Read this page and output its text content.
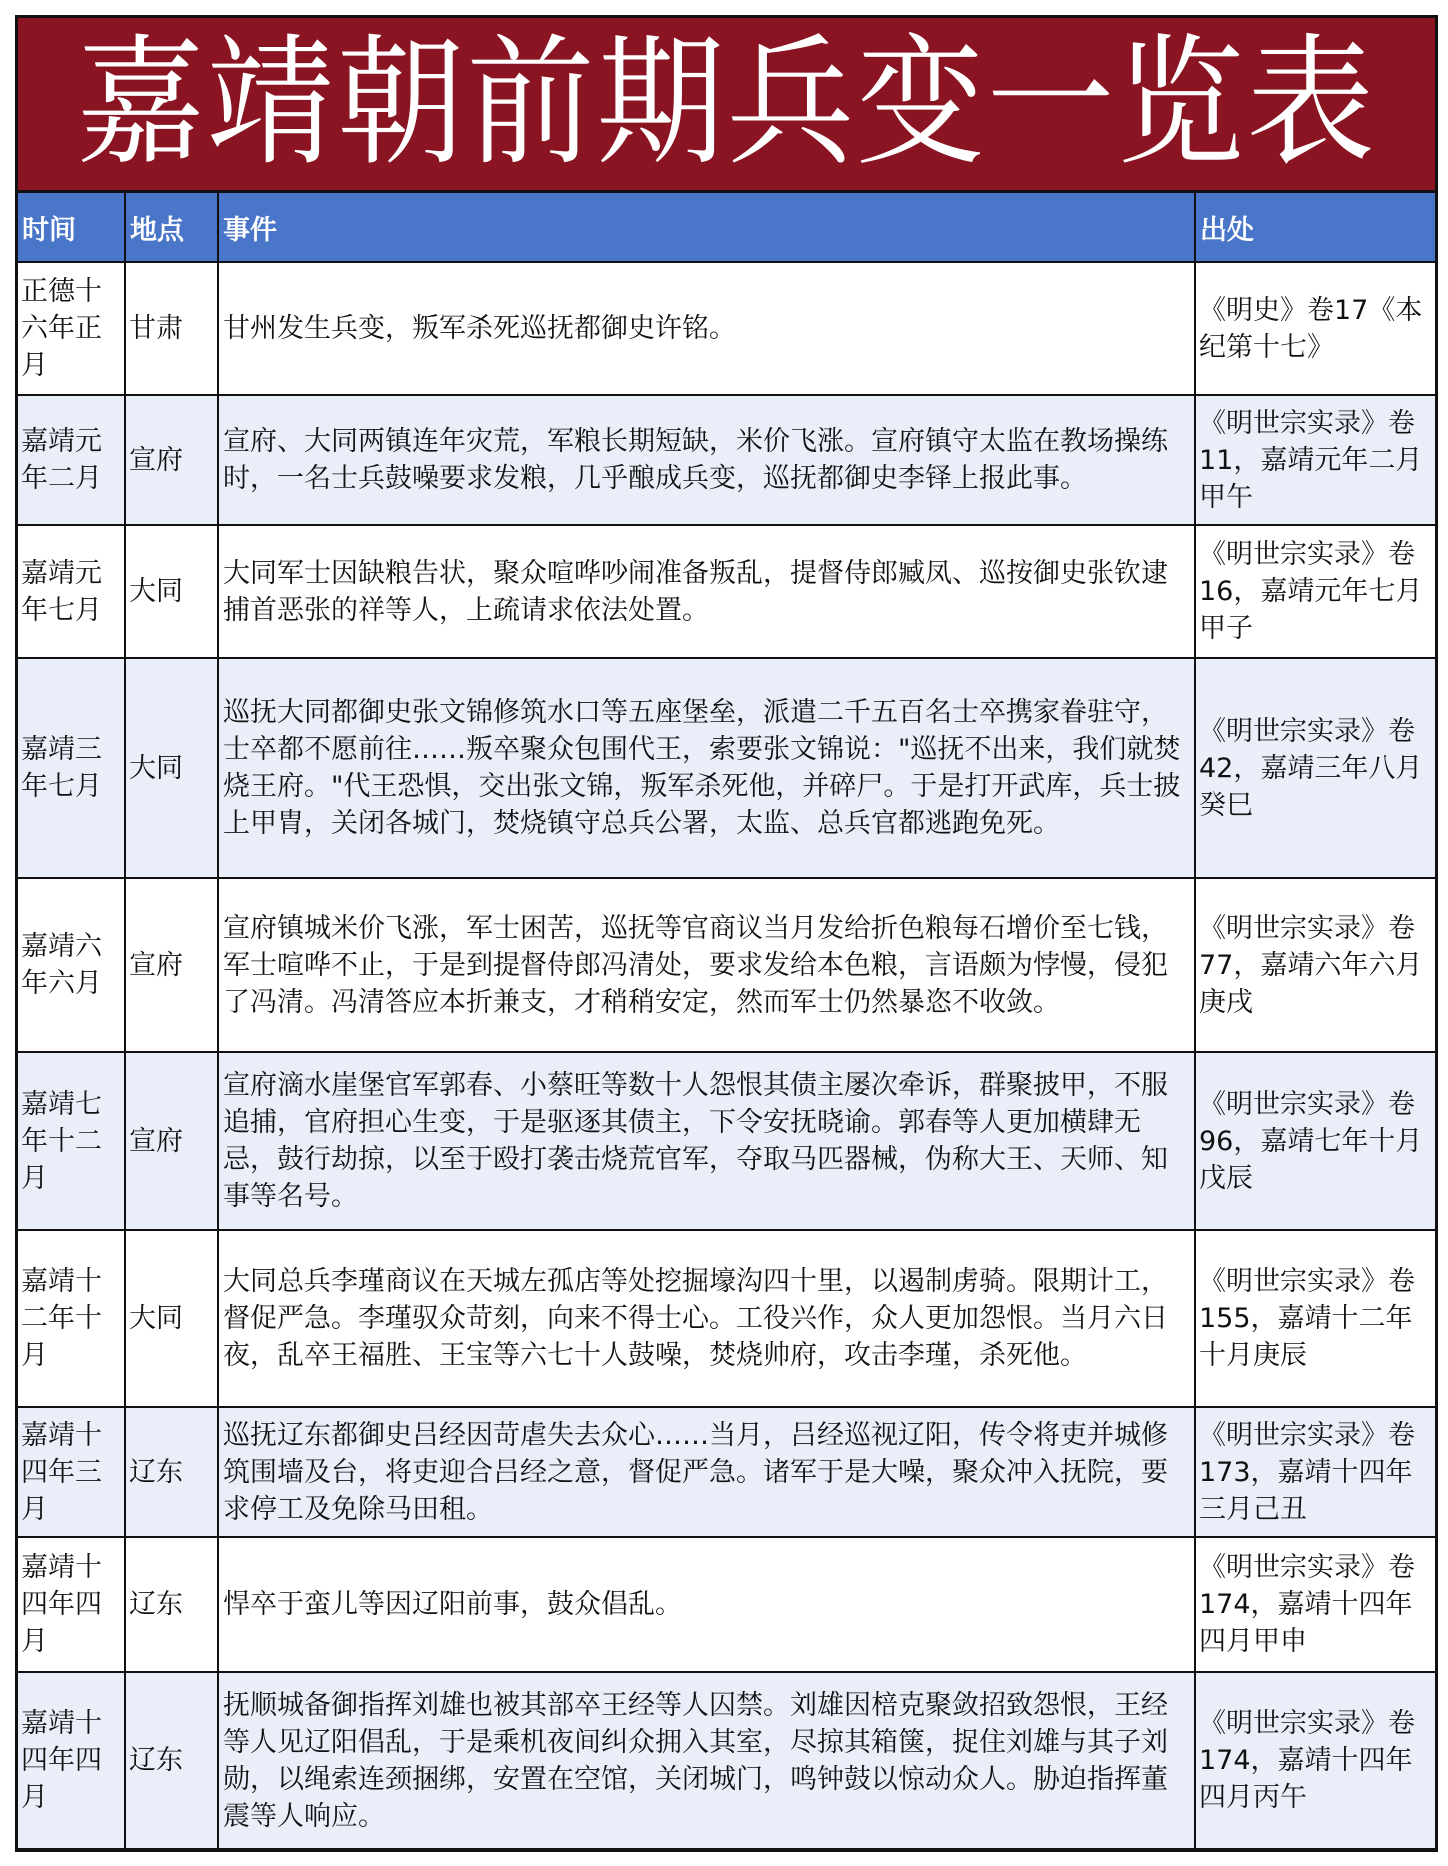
嘉靖朝前期兵变一览表
时间	地点	事件	出处
正德十六年正月	甘肃	甘州发生兵变，叛军杀死巡抚都御史许铭。	《明史》卷17《本纪第十七》
嘉靖元年二月	宣府	宣府、大同两镇连年灾荒，军粮长期短缺，米价飞涨。宣府镇守太监在教场操练时，一名士兵鼓噪要求发粮，几乎酿成兵变，巡抚都御史李铎上报此事。	《明世宗实录》卷11，嘉靖元年二月甲午
嘉靖元年七月	大同	大同军士因缺粮告状，聚众喧哗吵闹准备叛乱，提督侍郎臧凤、巡按御史张钦逮捕首恶张的祥等人，上疏请求依法处置。	《明世宗实录》卷16，嘉靖元年七月甲子
嘉靖三年七月	大同	巡抚大同都御史张文锦修筑水口等五座堡垒，派遣二千五百名士卒携家眷驻守，士卒都不愿前往……叛卒聚众包围代王，索要张文锦说："巡抚不出来，我们就焚烧王府。"代王恐惧，交出张文锦，叛军杀死他，并碎尸。于是打开武库，兵士披上甲胄，关闭各城门，焚烧镇守总兵公署，太监、总兵官都逃跑免死。	《明世宗实录》卷42，嘉靖三年八月癸巳
嘉靖六年六月	宣府	宣府镇城米价飞涨，军士困苦，巡抚等官商议当月发给折色粮每石增价至七钱，军士喧哗不止，于是到提督侍郎冯清处，要求发给本色粮，言语颇为悖慢，侵犯了冯清。冯清答应本折兼支，才稍稍安定，然而军士仍然暴恣不收敛。	《明世宗实录》卷77，嘉靖六年六月庚戌
嘉靖七年十二月	宣府	宣府滴水崖堡官军郭春、小蔡旺等数十人怨恨其债主屡次牵诉，群聚披甲，不服追捕，官府担心生变，于是驱逐其债主，下令安抚晓谕。郭春等人更加横肆无忌，鼓行劫掠，以至于殴打袭击烧荒官军，夺取马匹器械，伪称大王、天师、知事等名号。	《明世宗实录》卷96，嘉靖七年十月戊辰
嘉靖十二年十月	大同	大同总兵李瑾商议在天城左孤店等处挖掘壕沟四十里，以遏制虏骑。限期计工，督促严急。李瑾驭众苛刻，向来不得士心。工役兴作，众人更加怨恨。当月六日夜，乱卒王福胜、王宝等六七十人鼓噪，焚烧帅府，攻击李瑾，杀死他。	《明世宗实录》卷155，嘉靖十二年十月庚辰
嘉靖十四年三月	辽东	巡抚辽东都御史吕经因苛虐失去众心……当月，吕经巡视辽阳，传令将吏并城修筑围墙及台，将吏迎合吕经之意，督促严急。诸军于是大噪，聚众冲入抚院，要求停工及免除马田租。	《明世宗实录》卷173，嘉靖十四年三月己丑
嘉靖十四年四月	辽东	悍卒于蛮儿等因辽阳前事，鼓众倡乱。	《明世宗实录》卷174，嘉靖十四年四月甲申
嘉靖十四年四月	辽东	抚顺城备御指挥刘雄也被其部卒王经等人囚禁。刘雄因棓克聚敛招致怨恨，王经等人见辽阳倡乱，于是乘机夜间纠众拥入其室，尽掠其箱箧，捉住刘雄与其子刘勋，以绳索连颈捆绑，安置在空馆，关闭城门，鸣钟鼓以惊动众人。胁迫指挥董震等人响应。	《明世宗实录》卷174，嘉靖十四年四月丙午
